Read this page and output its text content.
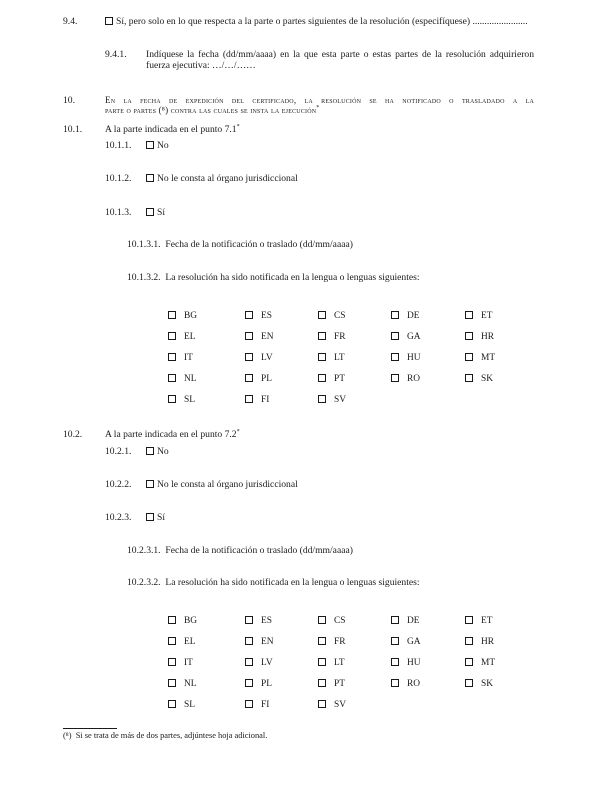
9.4.	Sí, pero solo en lo que respecta a la parte o partes siguientes de la resolución (especifíquese) .......................
9.4.1. Indíquese la fecha (dd/mm/aaaa) en la que esta parte o estas partes de la resolución adquirieron
fuerza ejecutiva: …/…/……
10.	En la fecha de expedición del certificado, la resolución se ha notificado o trasladado a la
parte o partes (⁸) contra las cuales se insta la ejecución*
10.1. A la parte indicada en el punto 7.1*
10.1.1.	No
10.1.2.	No le consta al órgano jurisdiccional
10.1.3.	Sí
10.1.3.1. Fecha de la notificación o traslado (dd/mm/aaaa)
10.1.3.2. La resolución ha sido notificada en la lengua o lenguas siguientes:
BG	ES	CS	DE	ET
EL	EN	FR	GA	HR
IT	LV	LT	HU	MT
NL	PL	PT	RO	SK
SL	FI	SV
10.2. A la parte indicada en el punto 7.2*
10.2.1.	No
10.2.2.	No le consta al órgano jurisdiccional
10.2.3.	Sí
10.2.3.1. Fecha de la notificación o traslado (dd/mm/aaaa)
10.2.3.2. La resolución ha sido notificada en la lengua o lenguas siguientes:
BG	ES	CS	DE	ET
EL	EN	FR	GA	HR
IT	LV	LT	HU	MT
NL	PL	PT	RO	SK
SL	FI	SV
(⁸) Si se trata de más de dos partes, adjúntese hoja adicional.
